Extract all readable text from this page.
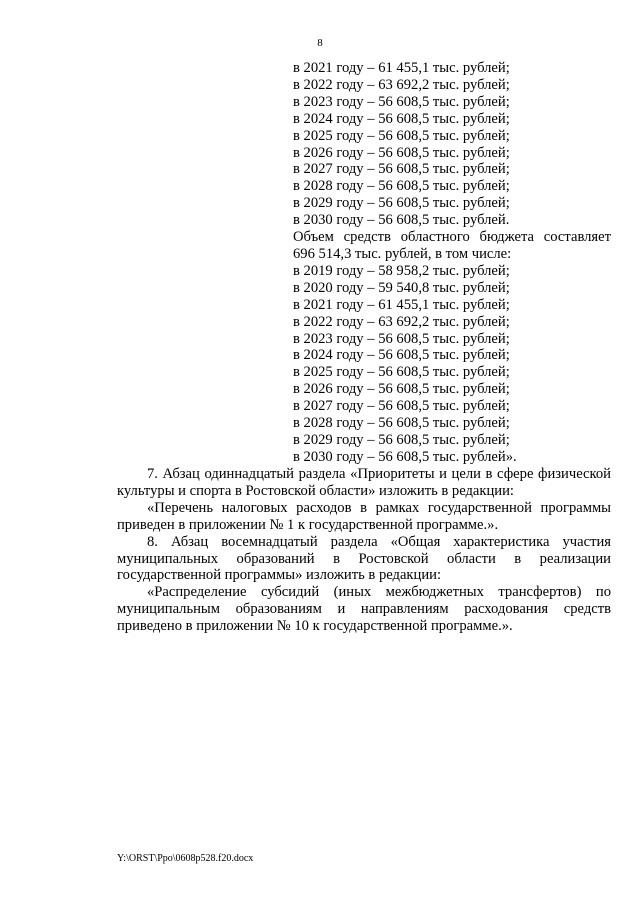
8
в 2021 году – 61 455,1 тыс. рублей;
в 2022 году – 63 692,2 тыс. рублей;
в 2023 году – 56 608,5 тыс. рублей;
в 2024 году – 56 608,5 тыс. рублей;
в 2025 году – 56 608,5 тыс. рублей;
в 2026 году – 56 608,5 тыс. рублей;
в 2027 году – 56 608,5 тыс. рублей;
в 2028 году – 56 608,5 тыс. рублей;
в 2029 году – 56 608,5 тыс. рублей;
в 2030 году – 56 608,5 тыс. рублей.
Объем средств областного бюджета составляет 696 514,3 тыс. рублей, в том числе:
в 2019 году – 58 958,2 тыс. рублей;
в 2020 году – 59 540,8 тыс. рублей;
в 2021 году – 61 455,1 тыс. рублей;
в 2022 году – 63 692,2 тыс. рублей;
в 2023 году – 56 608,5 тыс. рублей;
в 2024 году – 56 608,5 тыс. рублей;
в 2025 году – 56 608,5 тыс. рублей;
в 2026 году – 56 608,5 тыс. рублей;
в 2027 году – 56 608,5 тыс. рублей;
в 2028 году – 56 608,5 тыс. рублей;
в 2029 году – 56 608,5 тыс. рублей;
в 2030 году – 56 608,5 тыс. рублей».

7. Абзац одиннадцатый раздела «Приоритеты и цели в сфере физической культуры и спорта в Ростовской области» изложить в редакции:

«Перечень налоговых расходов в рамках государственной программы приведен в приложении № 1 к государственной программе.».

8. Абзац восемнадцатый раздела «Общая характеристика участия муниципальных образований в Ростовской области в реализации государственной программы» изложить в редакции:

«Распределение субсидий (иных межбюджетных трансфертов) по муниципальным образованиям и направлениям расходования средств приведено в приложении № 10 к государственной программе.».

Y:\ORST\Ppo\0608p528.f20.docx
